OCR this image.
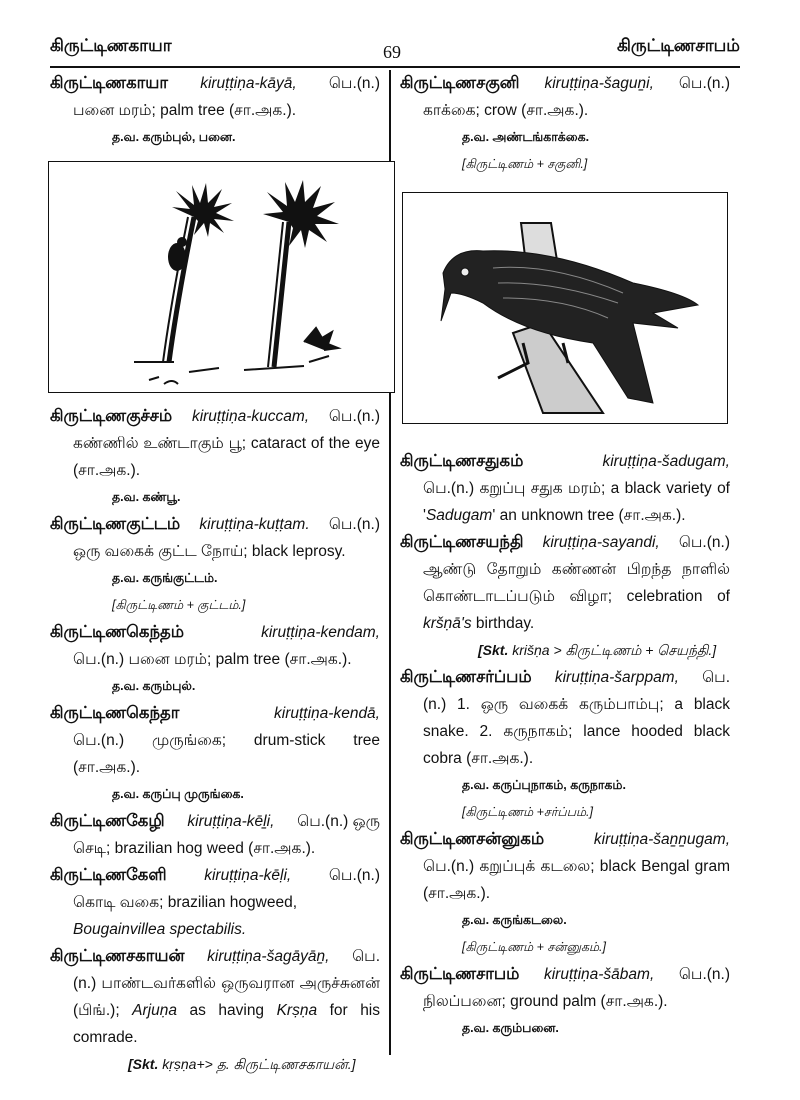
கிருட்டிணகாயா	69	கிருட்டிணசாபம்
கிருட்டிணகாயா kiruṭṭiṇa-kāyā, பெ.(n.)
பனை மரம்; palm tree (சா.அக.).
த.வ. கரும்புல், பனை.
கிருட்டிணகுச்சம் kiruṭṭiṇa-kuccam, பெ.(n.)
கண்ணில் உண்டாகும் பூ; cataract of the eye (சா.அக.).
த.வ. கண்பூ.
கிருட்டிணகுட்டம் kiruṭṭiṇa-kuṭṭam. பெ.(n.)
ஒரு வகைக் குட்ட நோய்; black leprosy.
த.வ. கருங்குட்டம்.
[கிருட்டிணம் + குட்டம்.]
கிருட்டிணகெந்தம்	kiruṭṭiṇa-kendam,
பெ.(n.) பனை மரம்; palm tree (சா.அக.).
த.வ. கரும்புல்.
கிருட்டிணகெந்தா	kiruṭṭiṇa-kendā,
பெ.(n.) முருங்கை; drum-stick tree (சா.அக.).
த.வ. கருப்பு முருங்கை.
கிருட்டிணகேழி kiruṭṭiṇa-kēḻi, பெ.(n.) ஒரு
செடி; brazilian hog weed (சா.அக.).
கிருட்டிணகேளி kiruṭṭiṇa-kēḷi, பெ.(n.)
கொடி வகை; brazilian hogweed,
Bougainvillea spectabilis.
கிருட்டிணசகாயன் kiruṭṭiṇa-šagāyāṉ, பெ.
(n.) பாண்டவர்களில் ஒருவரான அருச்சுனன் (பிங்.); Arjuṇa as having Krṣṇa for his comrade.
[Skt. kṛṣṇa+> த. கிருட்டிணசகாயன்.]
கிருட்டிணசகுனி kiruṭṭiṇa-šaguṉi, பெ.(n.)
காக்கை; crow (சா.அக.).
த.வ. அண்டங்காக்கை.
[கிருட்டிணம் + சகுனி.]
கிருட்டிணசதுகம்	kiruṭṭiṇa-šadugam,
பெ.(n.) கறுப்பு சதுக மரம்; a black variety of 'Sadugam' an unknown tree (சா.அக.).
கிருட்டிணசயந்தி kiruṭṭiṇa-sayandi, பெ.(n.)
ஆண்டு தோறும் கண்ணன் பிறந்த நாளில் கொண்டாடப்படும் விழா; celebration of kršṇā's birthday.
[Skt. krišṇa > கிருட்டிணம் + செயந்தி.]
கிருட்டிணசர்ப்பம் kiruṭṭiṇa-šarppam, பெ.
(n.) 1. ஒரு வகைக் கரும்பாம்பு; a black snake. 2. கருநாகம்; lance hooded black cobra (சா.அக.).
த.வ. கருப்புநாகம், கருநாகம்.
[கிருட்டிணம் +சர்ப்பம்.]
கிருட்டிணசன்னுகம்	kiruṭṭiṇa-šaṉṉugam,
பெ.(n.) கறுப்புக் கடலை; black Bengal gram (சா.அக.).
த.வ. கருங்கடலை.
[கிருட்டிணம் + சன்னுகம்.]
கிருட்டிணசாபம் kiruṭṭiṇa-šābam, பெ.(n.)
நிலப்பனை; ground palm (சா.அக.).
த.வ. கரும்பனை.
